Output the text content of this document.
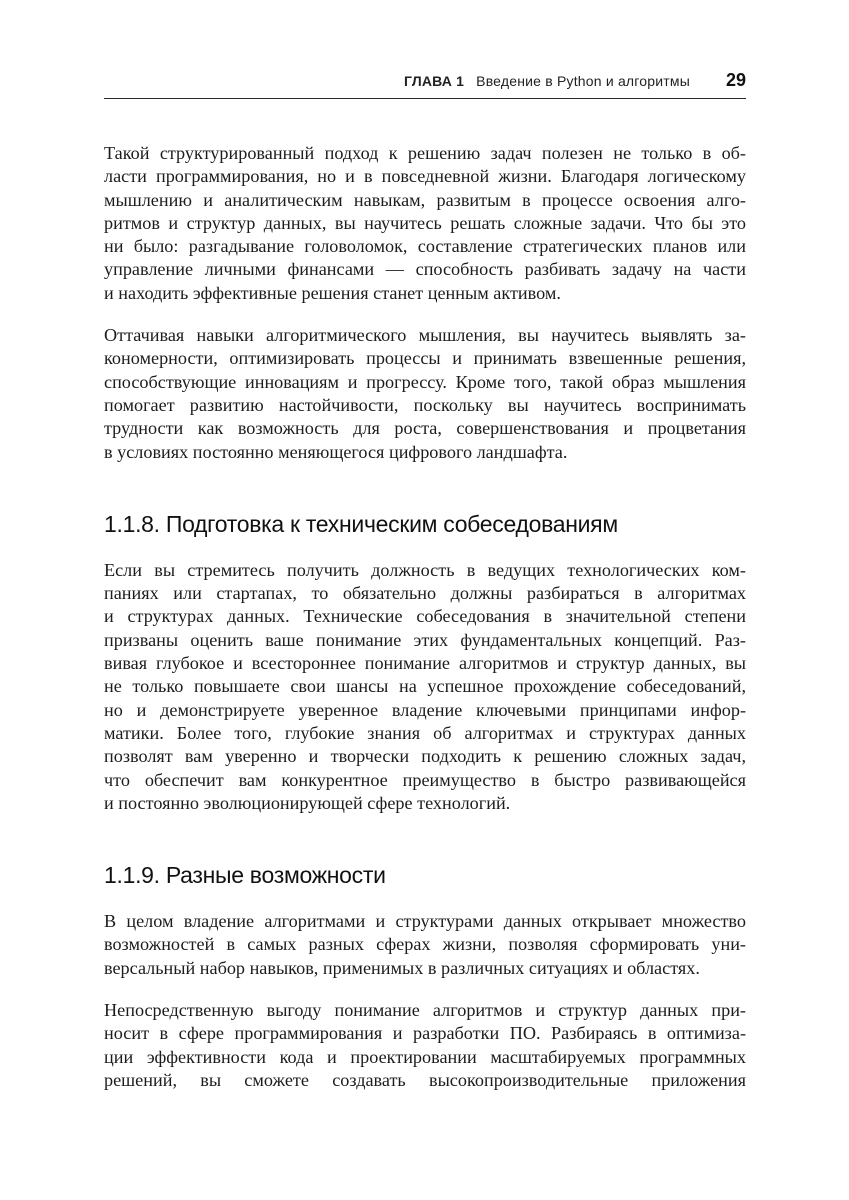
ГЛАВА 1 Введение в Python и алгоритмы 29

Такой структурированный подход к решению задач полезен не только в об-
ласти программирования, но и в повседневной жизни. Благодаря логическому
мышлению и аналитическим навыкам, развитым в процессе освоения алго-
ритмов и структур данных, вы научитесь решать сложные задачи. Что бы это
ни было: разгадывание головоломок, составление стратегических планов или
управление личными финансами — способность разбивать задачу на части
и находить эффективные решения станет ценным активом.

Оттачивая навыки алгоритмического мышления, вы научитесь выявлять за-
кономерности, оптимизировать процессы и принимать взвешенные решения,
способствующие инновациям и прогрессу. Кроме того, такой образ мышления
помогает развитию настойчивости, поскольку вы научитесь воспринимать
трудности как возможность для роста, совершенствования и процветания
в условиях постоянно меняющегося цифрового ландшафта.

1.1.8. Подготовка к техническим собеседованиям

Если вы стремитесь получить должность в ведущих технологических ком-
паниях или стартапах, то обязательно должны разбираться в алгоритмах
и структурах данных. Технические собеседования в значительной степени
призваны оценить ваше понимание этих фундаментальных концепций. Раз-
вивая глубокое и всестороннее понимание алгоритмов и структур данных, вы
не только повышаете свои шансы на успешное прохождение собеседований,
но и демонстрируете уверенное владение ключевыми принципами инфор-
матики. Более того, глубокие знания об алгоритмах и структурах данных
позволят вам уверенно и творчески подходить к решению сложных задач,
что обеспечит вам конкурентное преимущество в быстро развивающейся
и постоянно эволюционирующей сфере технологий.

1.1.9. Разные возможности

В целом владение алгоритмами и структурами данных открывает множество
возможностей в самых разных сферах жизни, позволяя сформировать уни-
версальный набор навыков, применимых в различных ситуациях и областях.

Непосредственную выгоду понимание алгоритмов и структур данных при-
носит в сфере программирования и разработки ПО. Разбираясь в оптимиза-
ции эффективности кода и проектировании масштабируемых программных
решений, вы сможете создавать высокопроизводительные приложения
